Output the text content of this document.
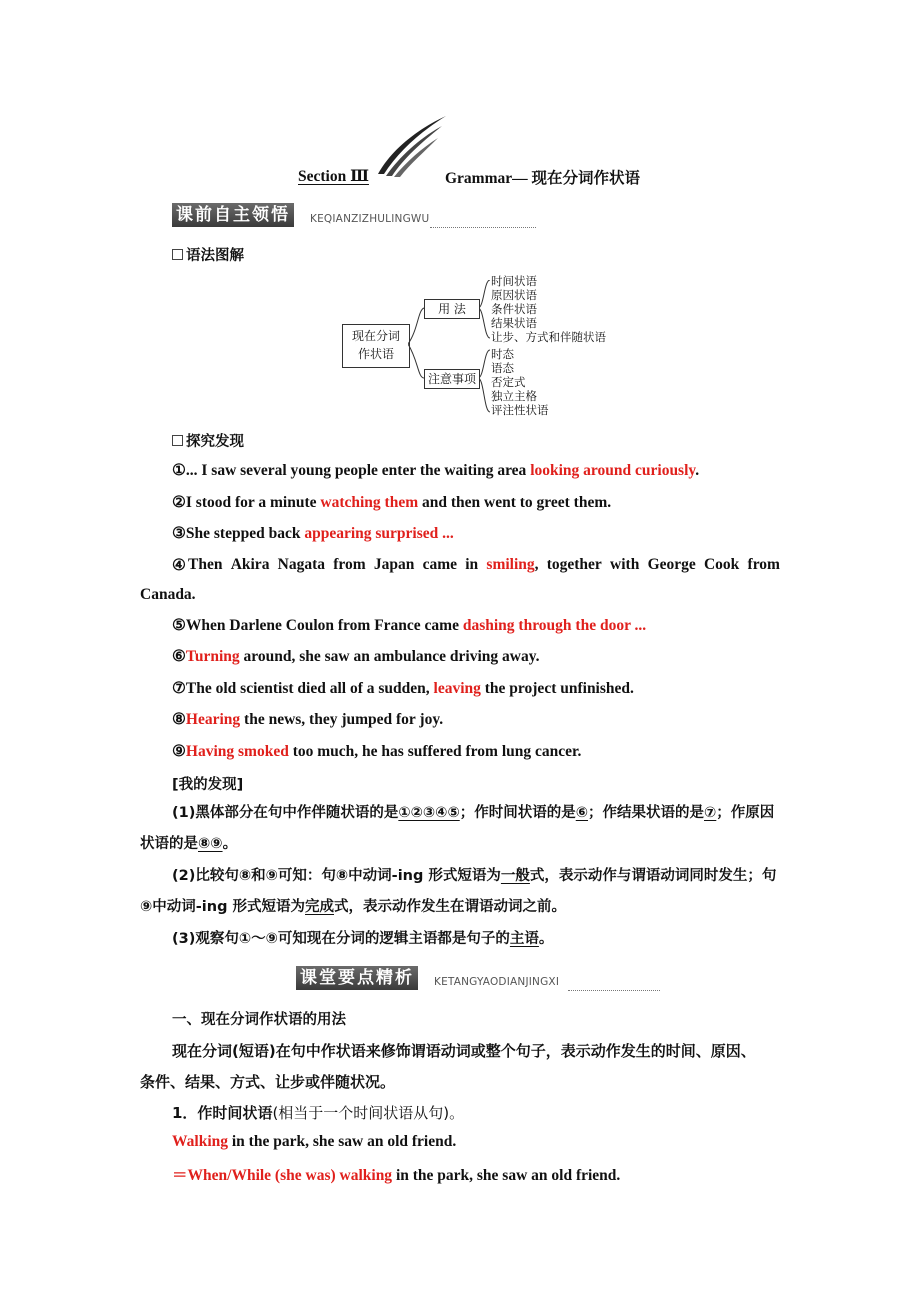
Section Ⅲ	Grammar— 现在分词作状语
课前自主领悟	KEQIANZIZHULINGWU
语法图解
现在分词作状语
用 法
注意事项
时间状语
原因状语
条件状语
结果状语
让步、方式和伴随状语
时态
语态
否定式
独立主格
评注性状语
探究发现
①... I saw several young people enter the waiting area looking around curiously.
②I stood for a minute watching them and then went to greet them.
③She stepped back appearing surprised ...
Then Akira Nagata from Japan came in smiling, together with George Cook from
④
Canada.
⑤When Darlene Coulon from France came dashing through the door ...
⑥Turning around, she saw an ambulance driving away.
⑦The old scientist died all of a sudden, leaving the project unfinished.
⑧Hearing the news, they jumped for joy.
⑨Having smoked too much, he has suffered from lung cancer.
[我的发现]
(1)黑体部分在句中作伴随状语的是①②③④⑤；作时间状语的是⑥；作结果状语的是⑦；作原因状语的是⑧⑨。
(2)比较句⑧和⑨可知：句⑧中动词-ing 形式短语为一般式，表示动作与谓语动词同时发生；句⑨中动词-ing 形式短语为完成式，表示动作发生在谓语动词之前。
(3)观察句①～⑨可知现在分词的逻辑主语都是句子的主语。
课堂要点精析	KETANGYAODIANJINGXI
一、现在分词作状语的用法
现在分词(短语)在句中作状语来修饰谓语动词或整个句子，表示动作发生的时间、原因、
条件、结果、方式、让步或伴随状况。
1．作时间状语(相当于一个时间状语从句)。
Walking in the park, she saw an old friend.
＝When/While (she was) walking in the park, she saw an old friend.
